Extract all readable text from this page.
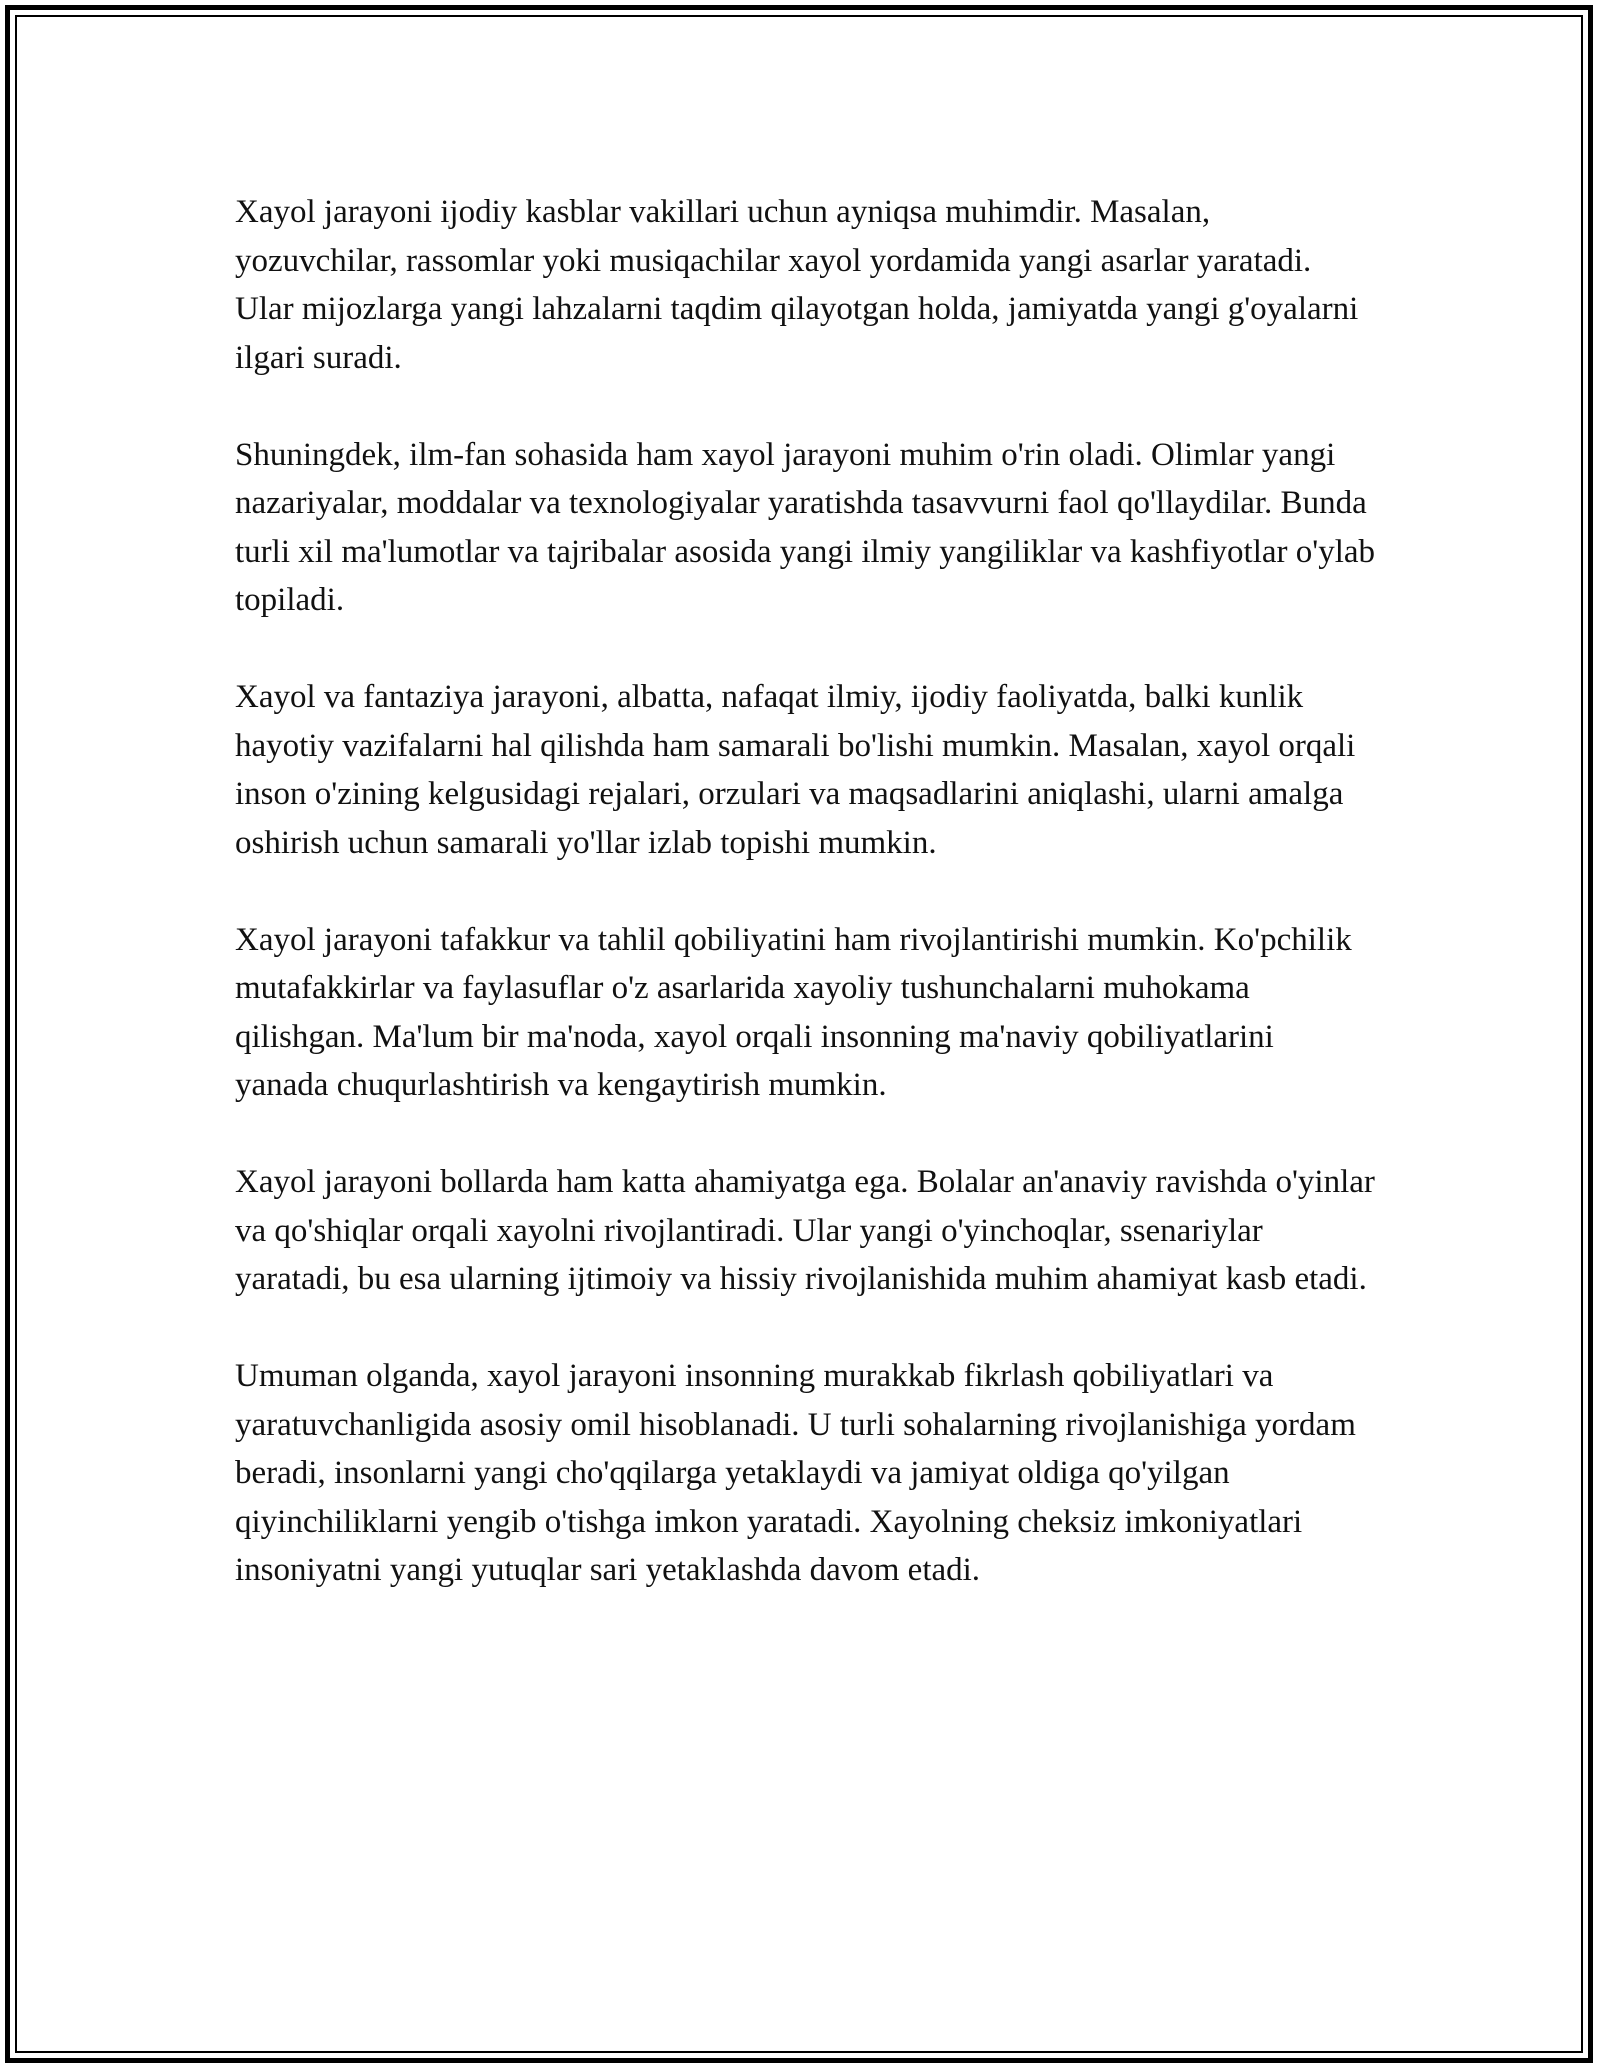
Xayol jarayoni ijodiy kasblar vakillari uchun ayniqsa muhimdir. Masalan, yozuvchilar, rassomlar yoki musiqachilar xayol yordamida yangi asarlar yaratadi. Ular mijozlarga yangi lahzalarni taqdim qilayotgan holda, jamiyatda yangi g'oyalarni ilgari suradi.

Shuningdek, ilm-fan sohasida ham xayol jarayoni muhim o'rin oladi. Olimlar yangi nazariyalar, moddalar va texnologiyalar yaratishda tasavvurni faol qo'llaydilar. Bunda turli xil ma'lumotlar va tajribalar asosida yangi ilmiy yangiliklar va kashfiyotlar o'ylab topiladi.

Xayol va fantaziya jarayoni, albatta, nafaqat ilmiy, ijodiy faoliyatda, balki kunlik hayotiy vazifalarni hal qilishda ham samarali bo'lishi mumkin. Masalan, xayol orqali inson o'zining kelgusidagi rejalari, orzulari va maqsadlarini aniqlashi, ularni amalga oshirish uchun samarali yo'llar izlab topishi mumkin.

Xayol jarayoni tafakkur va tahlil qobiliyatini ham rivojlantirishi mumkin. Ko'pchilik mutafakkirlar va faylasuflar o'z asarlarida xayoliy tushunchalarni muhokama qilishgan. Ma'lum bir ma'noda, xayol orqali insonning ma'naviy qobiliyatlarini yanada chuqurlashtirish va kengaytirish mumkin.

Xayol jarayoni bollarda ham katta ahamiyatga ega. Bolalar an'anaviy ravishda o'yinlar va qo'shiqlar orqali xayolni rivojlantiradi. Ular yangi o'yinchoqlar, ssenariylar yaratadi, bu esa ularning ijtimoiy va hissiy rivojlanishida muhim ahamiyat kasb etadi.

Umuman olganda, xayol jarayoni insonning murakkab fikrlash qobiliyatlari va yaratuvchanligida asosiy omil hisoblanadi. U turli sohalarning rivojlanishiga yordam beradi, insonlarni yangi cho'qqilarga yetaklaydi va jamiyat oldiga qo'yilgan qiyinchiliklarni yengib o'tishga imkon yaratadi. Xayolning cheksiz imkoniyatlari insoniyatni yangi yutuqlar sari yetaklashda davom etadi.
